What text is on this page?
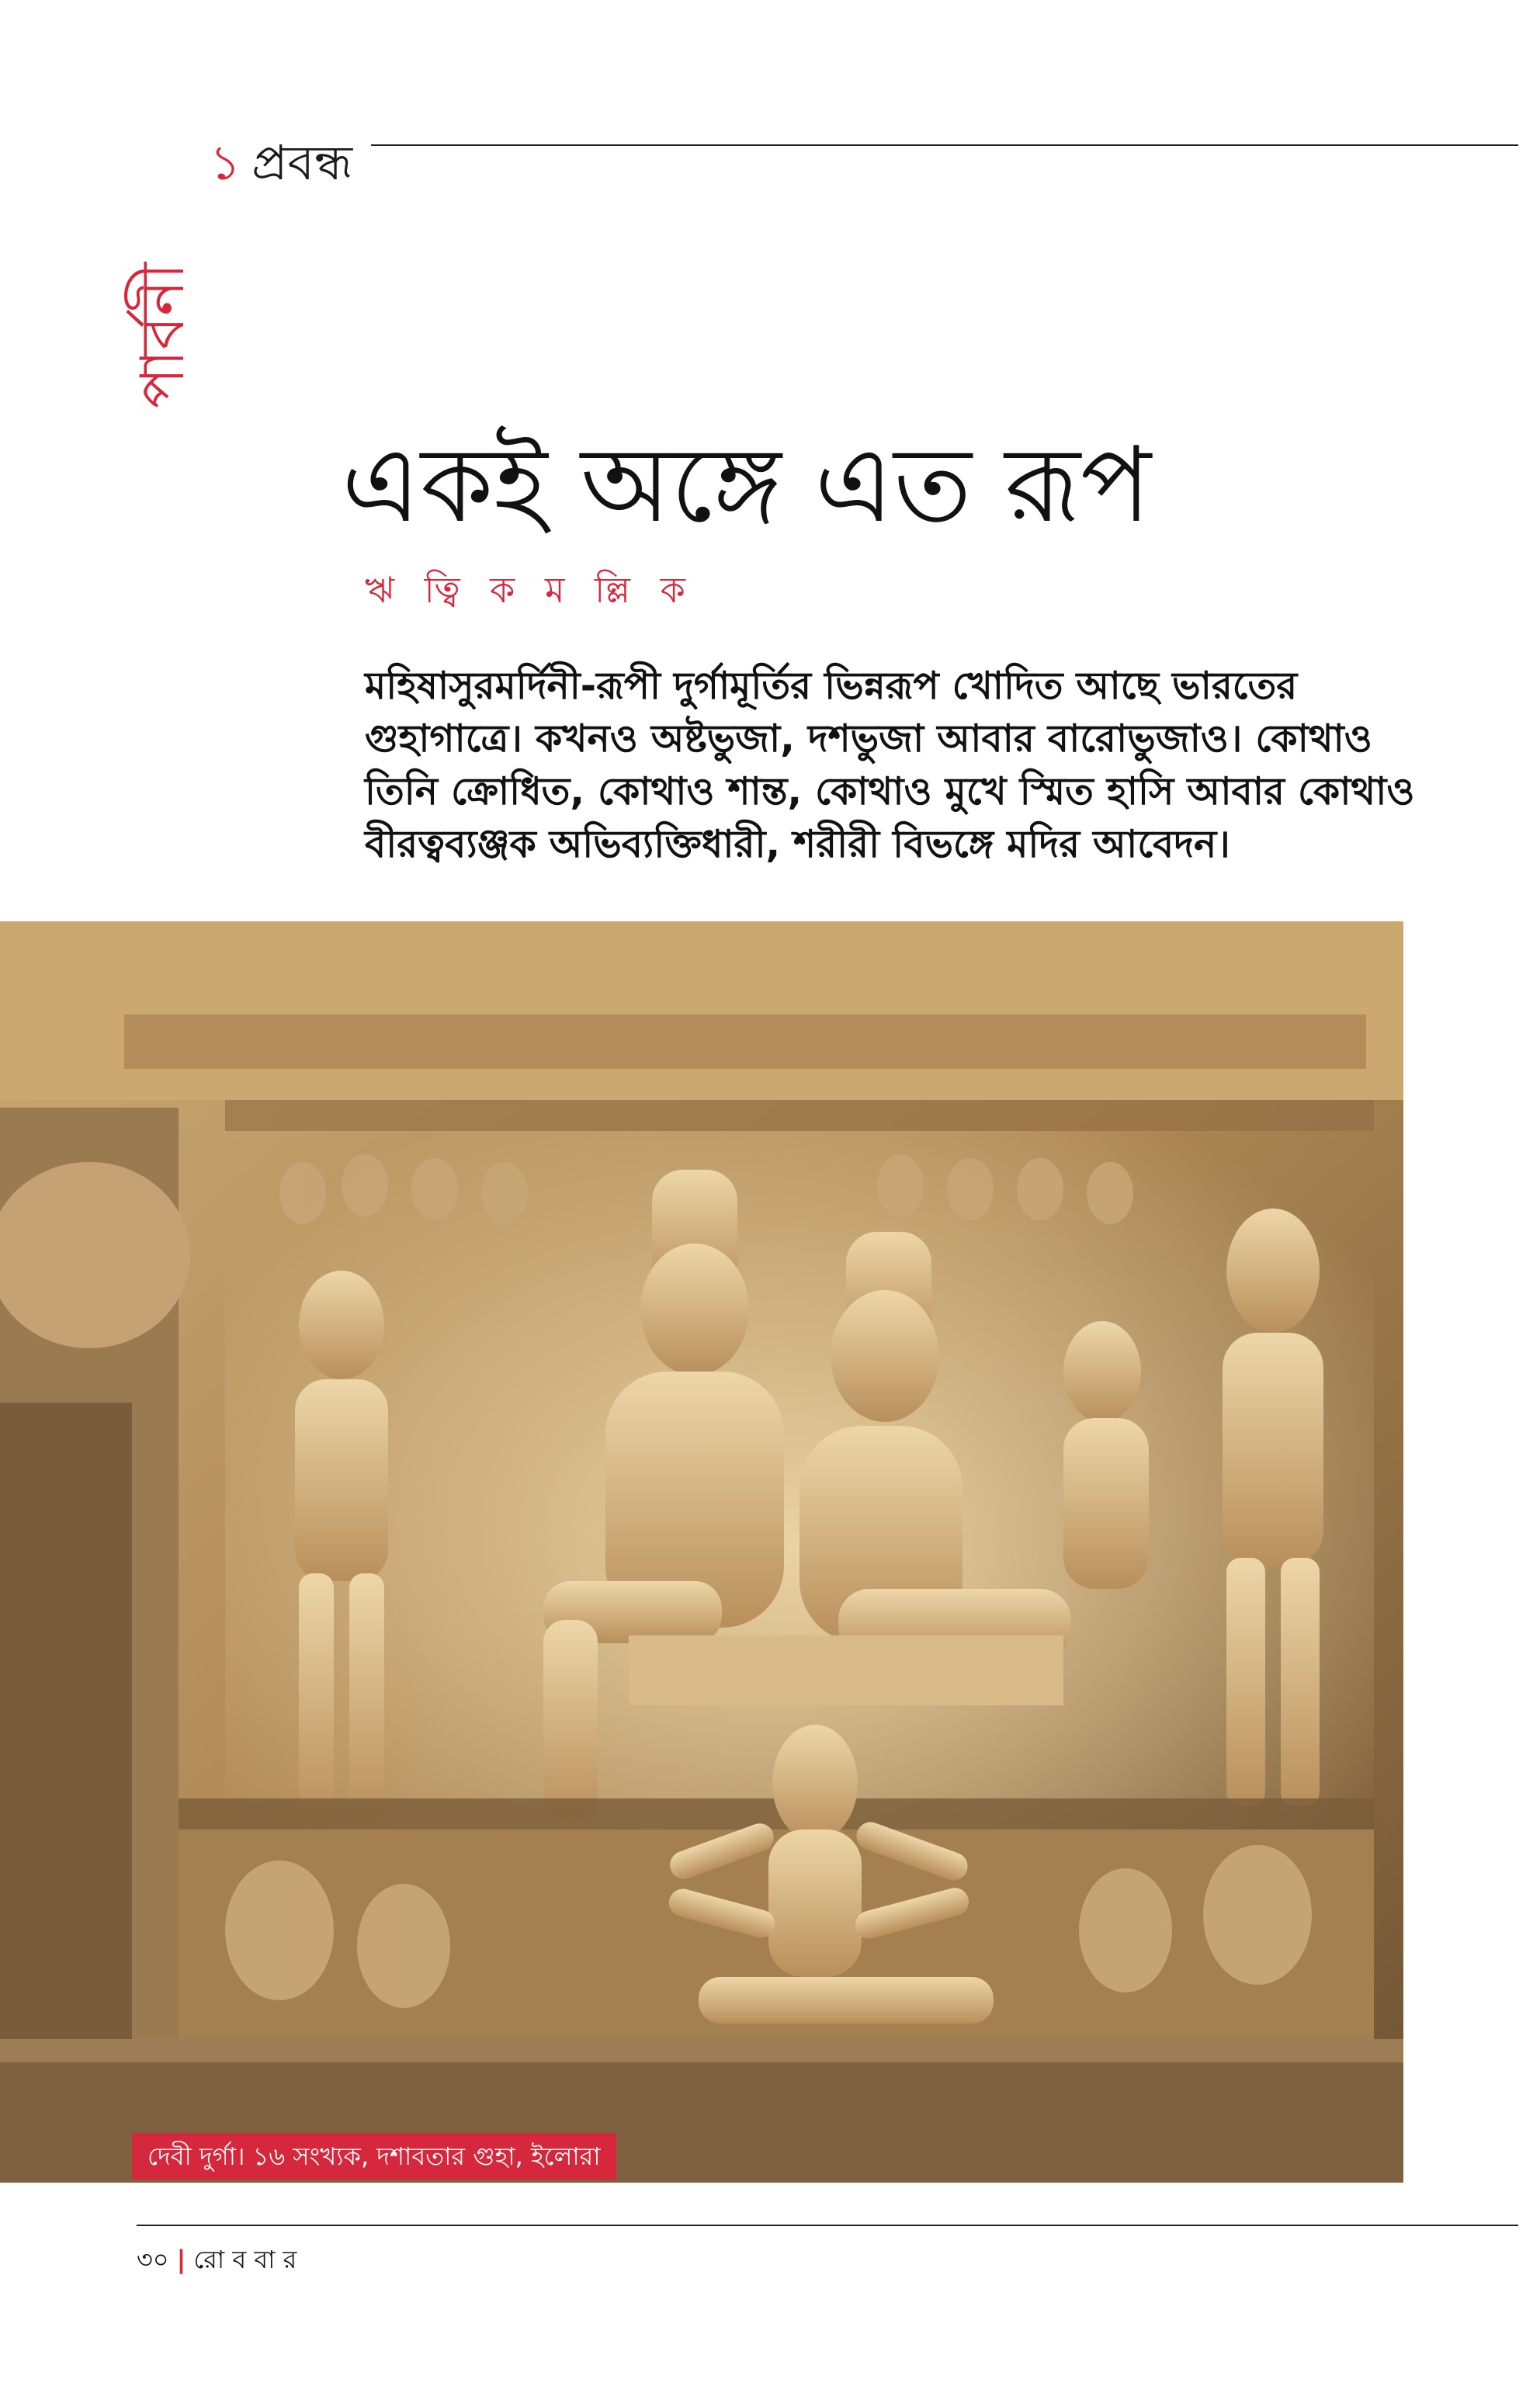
পাৰ্বনী
১ প্রবন্ধ
একই অঙ্গে এত রূপ
ঋ ত্বি ক ম ল্লি ক
মহিষাসুরমর্দিনী-রূপী দুর্গামূর্তির ভিন্নরূপ খোদিত আছে ভারতের গুহাগাত্রে। কখনও অষ্টভুজা, দশভুজা আবার বারোভুজাও। কোথাও তিনি ক্রোধিত, কোথাও শান্ত, কোথাও মুখে স্মিত হাসি আবার কোথাও বীরত্বব্যঞ্জক অভিব্যক্তিধারী, শরীরী বিভঙ্গে মদির আবেদন।
দেবী দুর্গা। ১৬ সংখ্যক, দশাবতার গুহা, ইলোরা
৩০ | রো ব বা র
